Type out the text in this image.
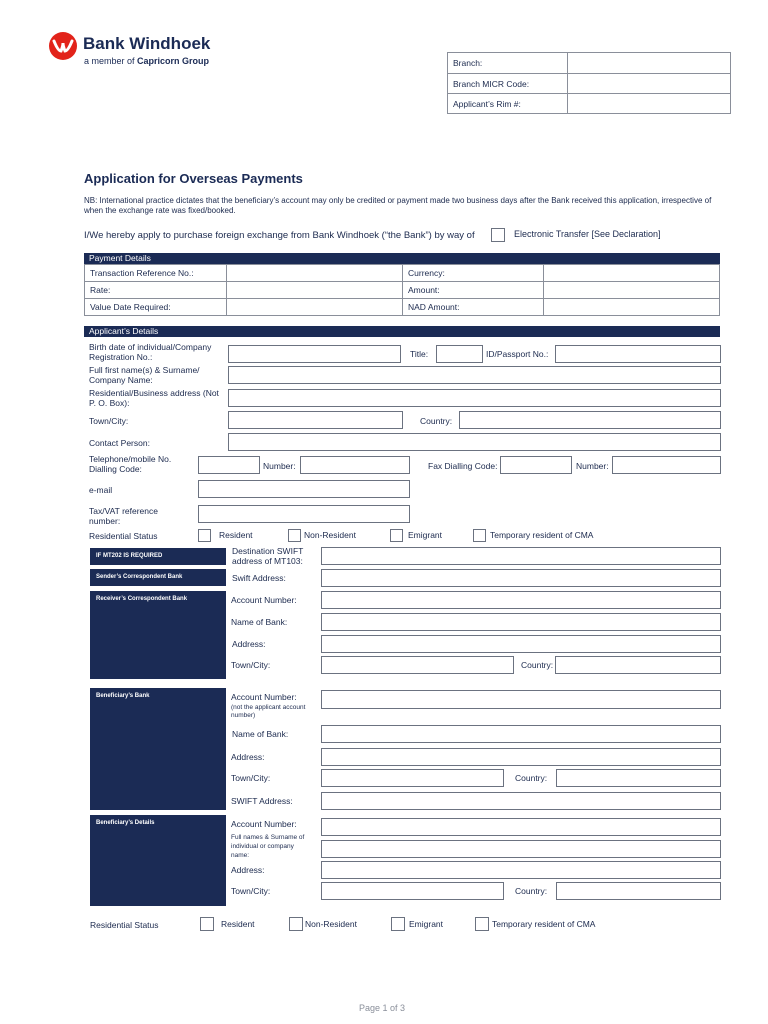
Bank Windhoek
a member of Capricorn Group	Branch:	
Branch MICR Code:	
Applicant’s Rim #:	
Application for Overseas Payments
NB: International practice dictates that the beneficiary’s account may only be credited or payment made two business days after the Bank received this application, irrespective of when the exchange rate was fixed/booked.
I/We hereby apply to purchase foreign exchange from Bank Windhoek (“the Bank”) by way of	Electronic Transfer [See Declaration]
Payment Details
Transaction Reference No.:		Currency:	
Rate:		Amount:	
Value Date Required:		NAD Amount:	
Applicant’s Details
Birth date of individual/Company Registration No.:	Title:	ID/Passport No.:
Full first name(s) & Surname/ Company Name:
Residential/Business address (Not P. O. Box):
Town/City:	Country:
Contact Person:
Telephone/mobile No. Dialling Code:	Number:	Fax Dialling Code:	Number:
e-mail
Tax/VAT reference number:
Residential Status	Resident	Non-Resident	Emigrant	Temporary resident of CMA
IF MT202 IS REQUIRED	Destination SWIFT address of MT103:
Sender’s Correspondent Bank	Swift Address:
Receiver’s Correspondent Bank	Account Number:
Name of Bank:
Address:
Town/City:	Country:
Beneficiary’s Bank	Account Number:
(not the applicant account number)
Name of Bank:
Address:
Town/City:	Country:
SWIFT Address:
Beneficiary’s Details	Account Number:
Full names & Surname of individual or company name:
Address:
Town/City:	Country:
Residential Status	Resident	Non-Resident	Emigrant	Temporary resident of CMA
Page 1 of 3
